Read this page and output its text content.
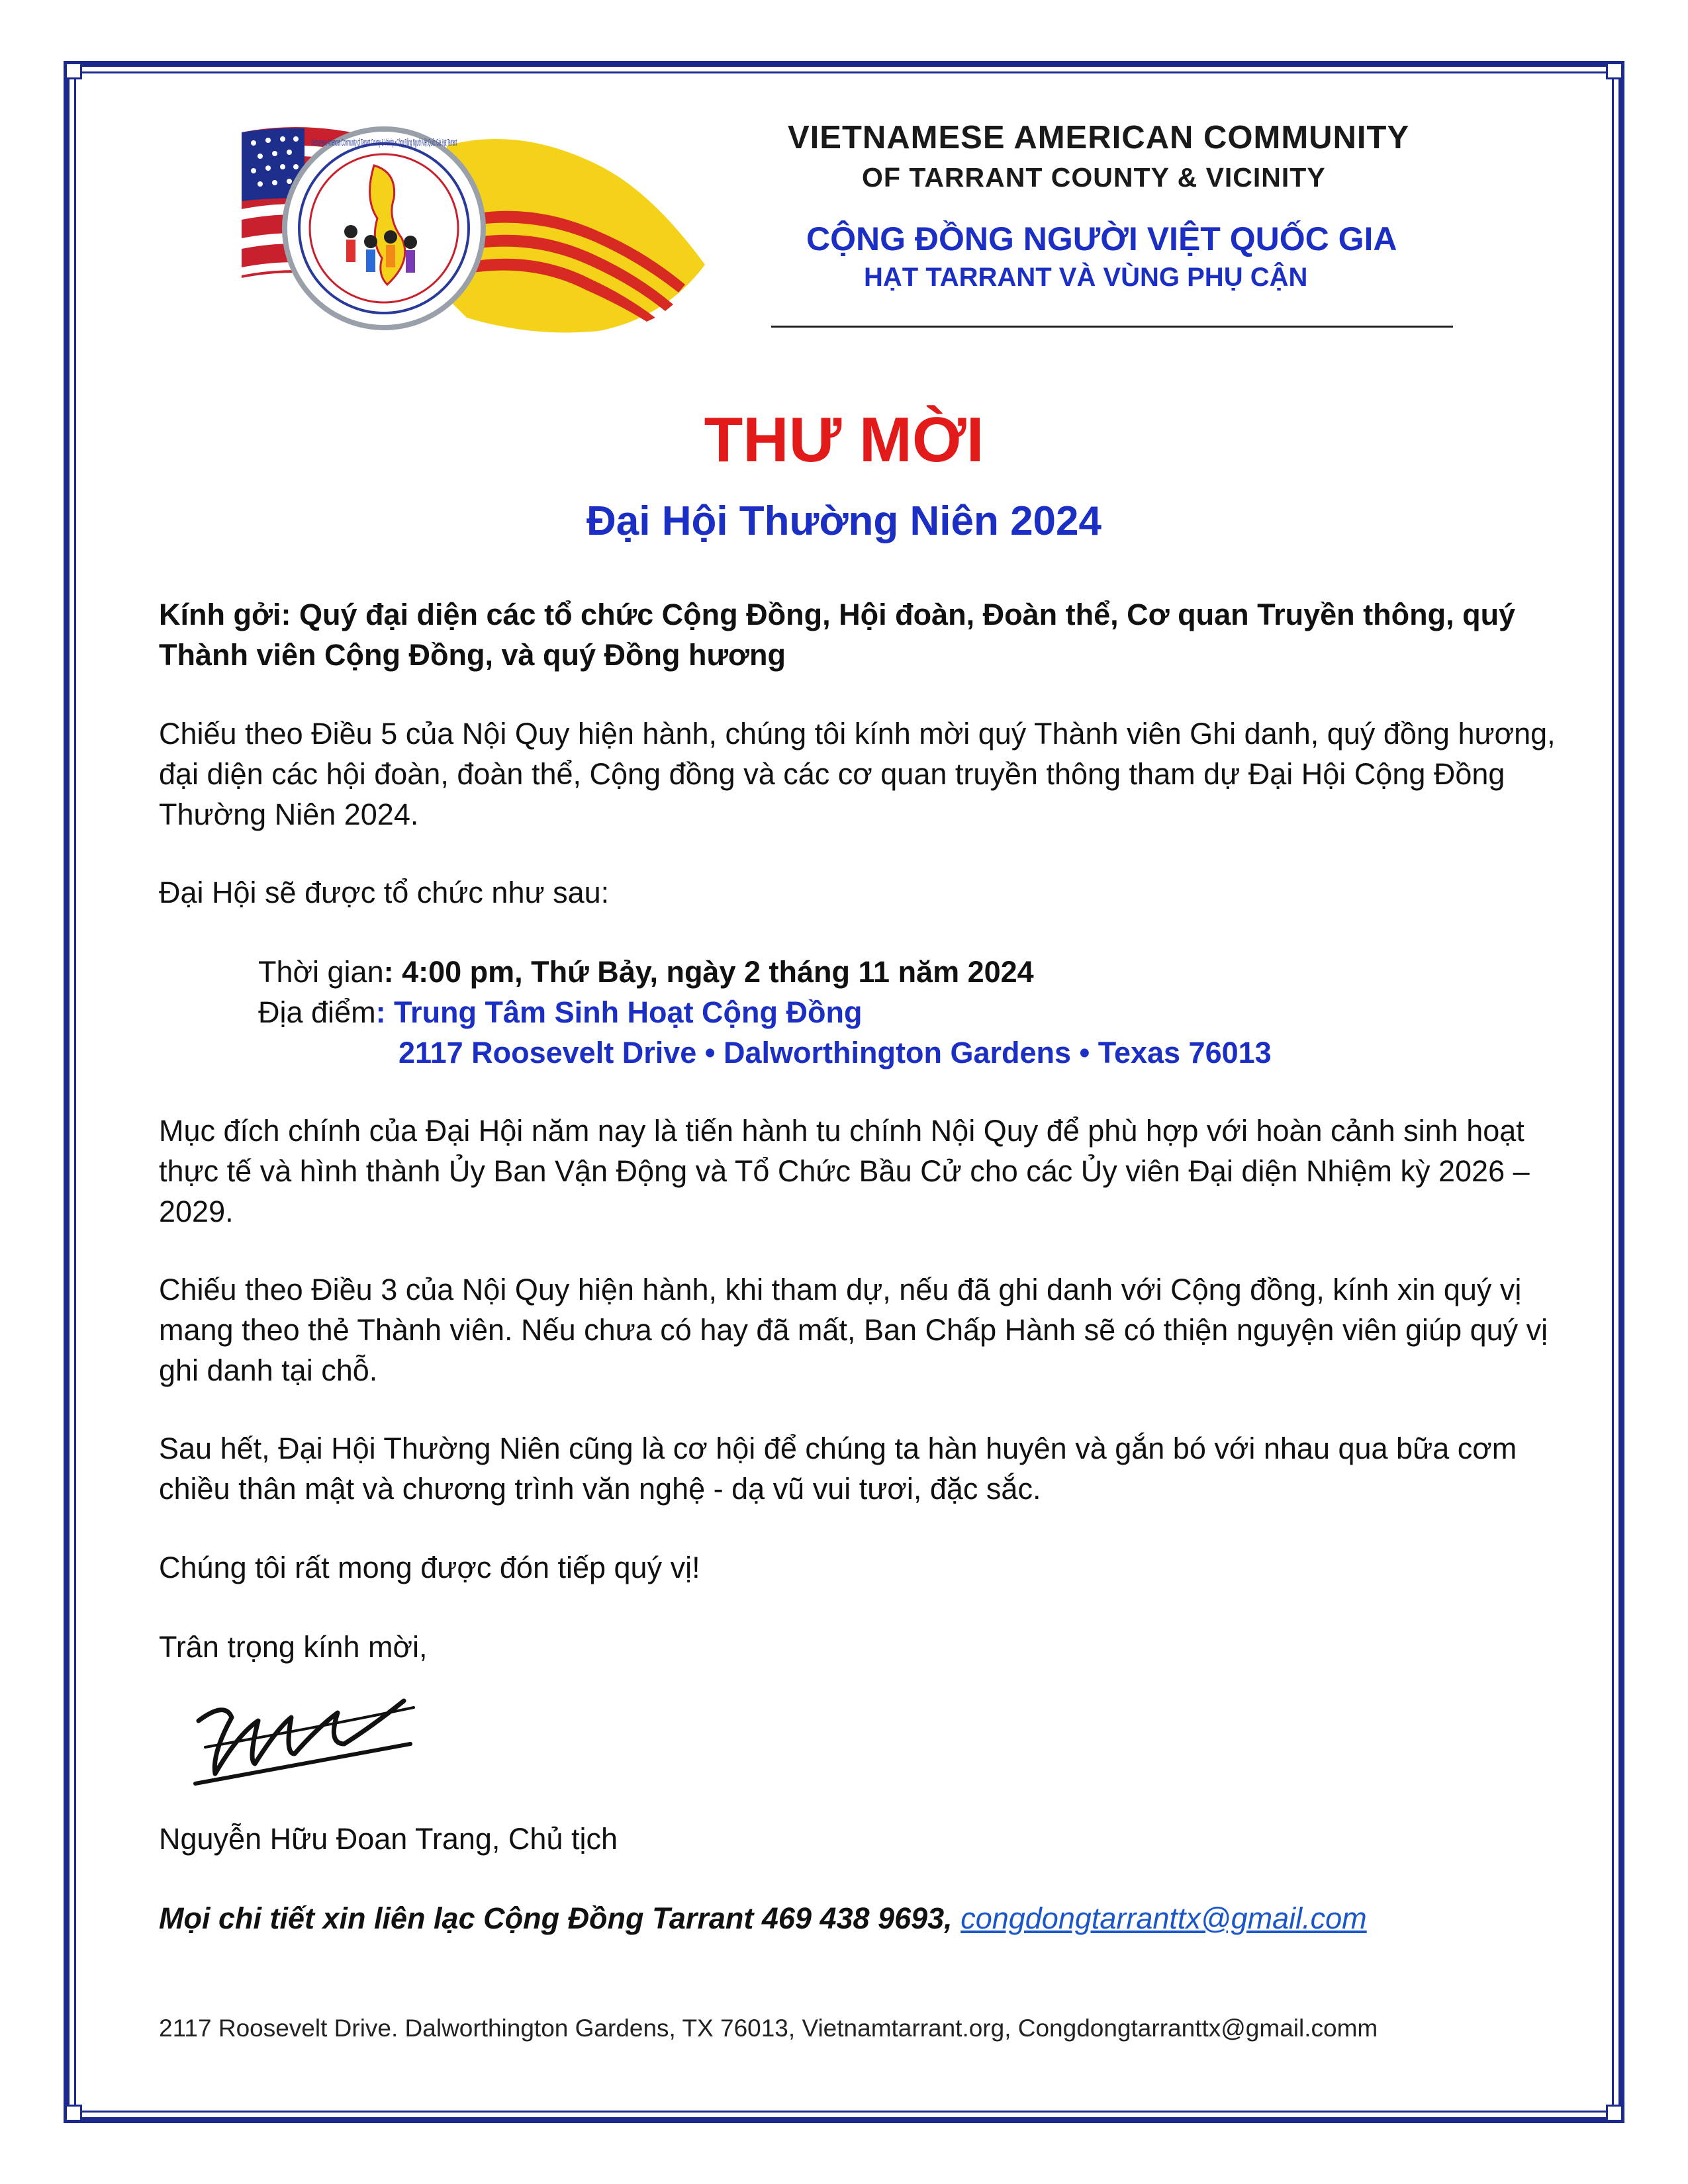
Vietnamese American Community of Tarrant County & Vicinity • Cộng Đồng Người Việt Quốc Gia Hạt Tarrant	VIETNAMESE AMERICAN COMMUNITY
OF TARRANT COUNTY & VICINITY
CỘNG ĐỒNG NGƯỜI VIỆT QUỐC GIA
HẠT TARRANT VÀ VÙNG PHỤ CẬN
THƯ MỜI
Đại Hội Thường Niên 2024

Kính gởi: Quý đại diện các tổ chức Cộng Đồng, Hội đoàn, Đoàn thể, Cơ quan Truyền thông, quý Thành viên Cộng Đồng, và quý Đồng hương

Chiếu theo Điều 5 của Nội Quy hiện hành, chúng tôi kính mời quý Thành viên Ghi danh, quý đồng hương, đại diện các hội đoàn, đoàn thể, Cộng đồng và các cơ quan truyền thông tham dự Đại Hội Cộng Đồng Thường Niên 2024.

Đại Hội sẽ được tổ chức như sau:

Thời gian: 4:00 pm, Thứ Bảy, ngày 2 tháng 11 năm 2024
Địa điểm: Trung Tâm Sinh Hoạt Cộng Đồng
2117 Roosevelt Drive • Dalworthington Gardens • Texas 76013

Mục đích chính của Đại Hội năm nay là tiến hành tu chính Nội Quy để phù hợp với hoàn cảnh sinh hoạt thực tế và hình thành Ủy Ban Vận Động và Tổ Chức Bầu Cử cho các Ủy viên Đại diện Nhiệm kỳ 2026 – 2029.

Chiếu theo Điều 3 của Nội Quy hiện hành, khi tham dự, nếu đã ghi danh với Cộng đồng, kính xin quý vị mang theo thẻ Thành viên. Nếu chưa có hay đã mất, Ban Chấp Hành sẽ có thiện nguyện viên giúp quý vị ghi danh tại chỗ.

Sau hết, Đại Hội Thường Niên cũng là cơ hội để chúng ta hàn huyên và gắn bó với nhau qua bữa cơm chiều thân mật và chương trình văn nghệ - dạ vũ vui tươi, đặc sắc.

Chúng tôi rất mong được đón tiếp quý vị!

Trân trọng kính mời,

Nguyễn Hữu Đoan Trang, Chủ tịch

Mọi chi tiết xin liên lạc Cộng Đồng Tarrant 469 438 9693, congdongtarranttx@gmail.com
2117 Roosevelt Drive. Dalworthington Gardens, TX 76013, Vietnamtarrant.org, Congdongtarranttx@gmail.comm
